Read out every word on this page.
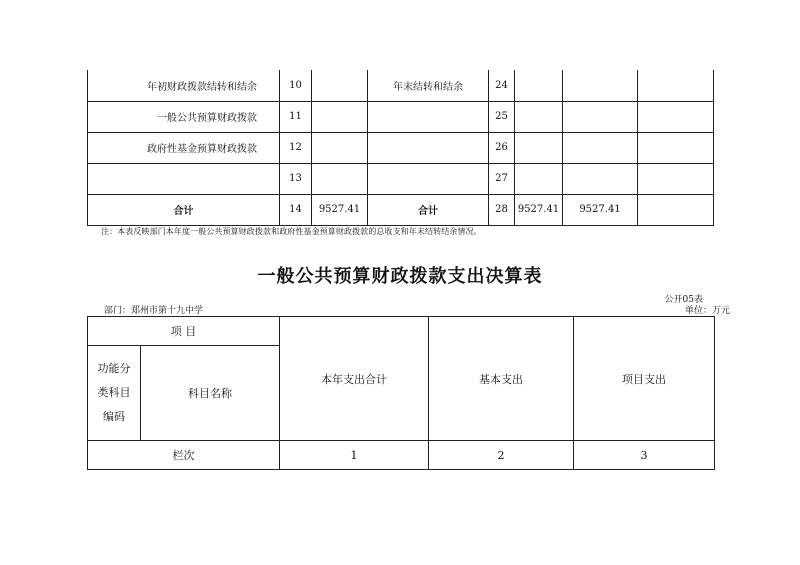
年初财政拨款结转和结余	10		年末结转和结余	24			
一般公共预算财政拨款	11			25			
政府性基金预算财政拨款	12			26			
	13			27			
合计	14	9527.41	合计	28	9527.41	9527.41	
注：本表反映部门本年度一般公共预算财政拨款和政府性基金预算财政拨款的总收支和年末结转结余情况。
一般公共预算财政拨款支出决算表
公开05表
部门：郑州市第十九中学	单位：万元
项 目		本年支出合计	基本支出	项目支出

功能分
类科目
编码	科目名称			
栏次		1	2	3
